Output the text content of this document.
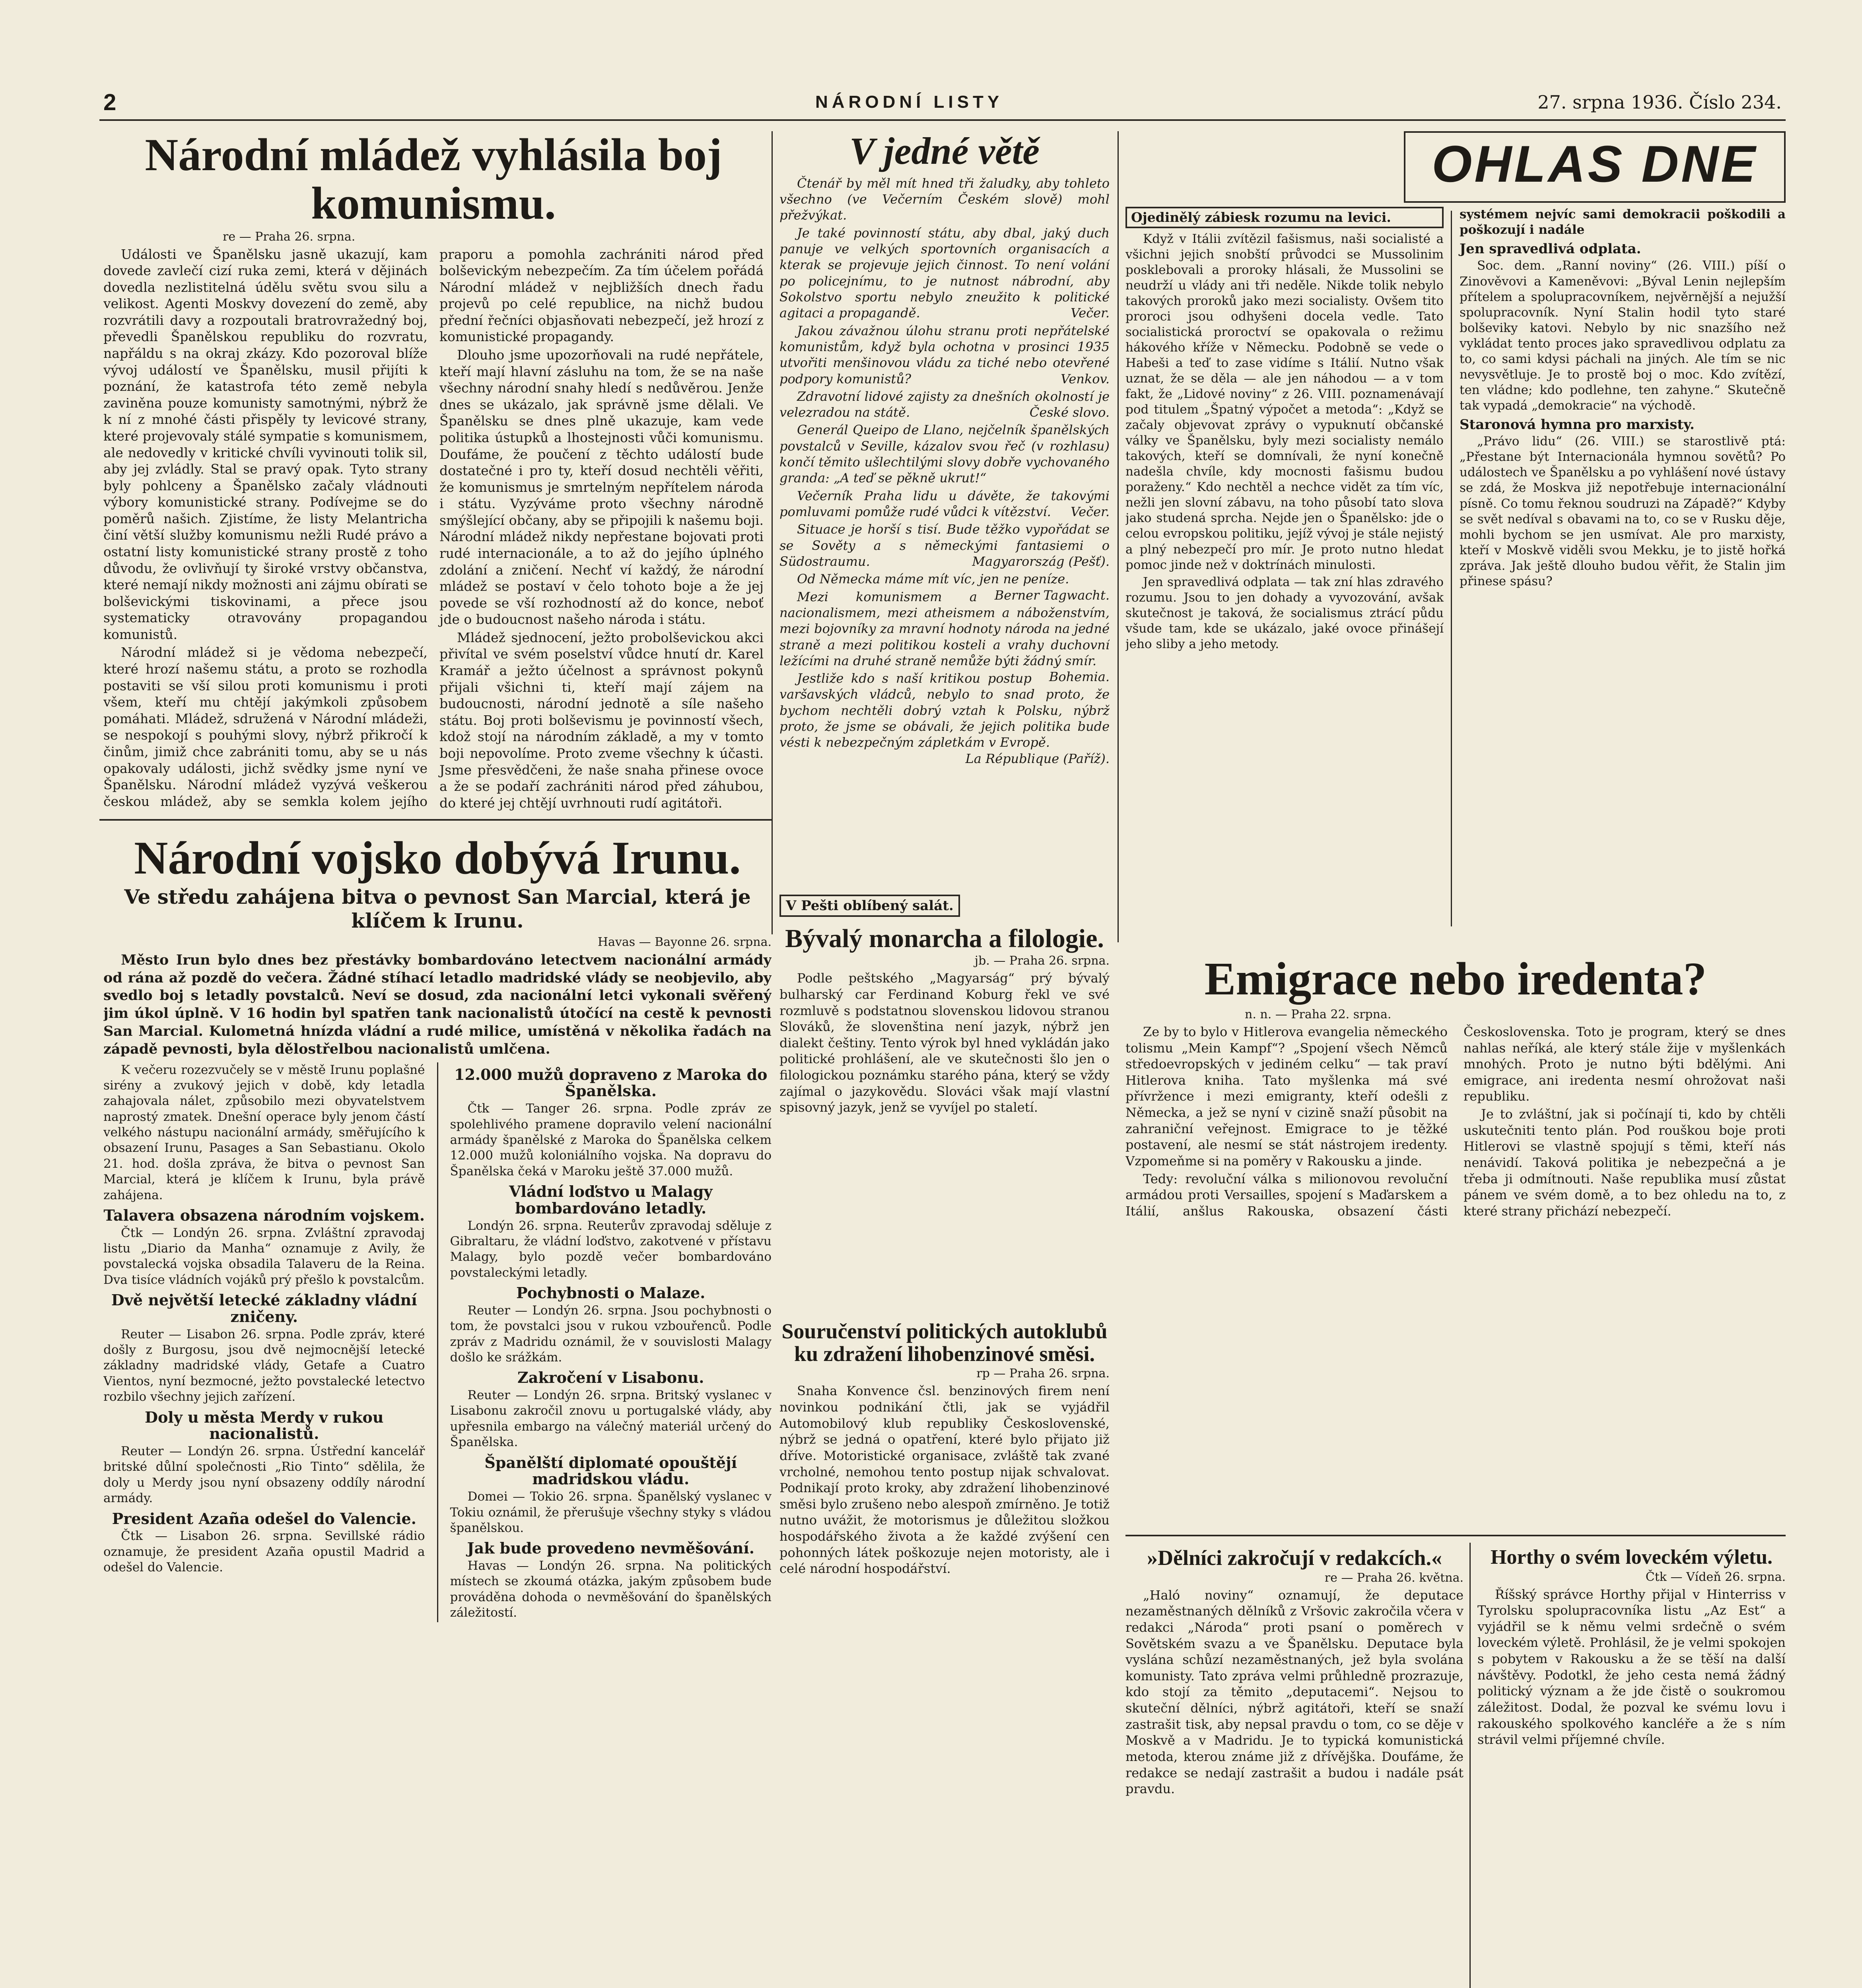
2	NÁRODNÍ LISTY	27. srpna 1936. Číslo 234.
Národní mládež vyhlásila boj komunismu.
re — Praha 26. srpna.

Události ve Španělsku jasně ukazují, kam dovede zavlečí cizí ruka zemi, která v dějinách dovedla nezlistitelná údělu světu svou silu a velikost. Agenti Moskvy dovezení do země, aby rozvrátili davy a rozpoutali bratrovražedný boj, převedli Španělskou republiku do rozvratu, napřáldu s na okraj zkázy. Kdo pozoroval blíže vývoj událostí ve Španělsku, musil přijíti k poznání, že katastrofa této země nebyla zaviněna pouze komunisty samotnými, nýbrž že k ní z mnohé části přispěly ty levicové strany, které projevovaly stálé sympatie s komunismem, ale nedovedly v kritické chvíli vyvinouti tolik sil, aby jej zvládly. Stal se pravý opak. Tyto strany byly pohlceny a Španělsko začaly vládnouti výbory komunistické strany. Podívejme se do poměrů našich. Zjistíme, že listy Melantricha činí větší služby komunismu nežli Rudé právo a ostatní listy komunistické strany prostě z toho důvodu, že ovlivňují ty široké vrstvy občanstva, které nemají nikdy možnosti ani zájmu obírati se bolševickými tiskovinami, a přece jsou systematicky otravovány propagandou komunistů.

Národní mládež si je vědoma nebezpečí, které hrozí našemu státu, a proto se rozhodla postaviti se vší silou proti komunismu i proti všem, kteří mu chtějí jakýmkoli způsobem pomáhati. Mládež, sdružená v Národní mládeži, se nespokojí s pouhými slovy, nýbrž přikročí k činům, jimiž chce zabrániti tomu, aby se u nás opakovaly události, jichž svědky jsme nyní ve Španělsku. Národní mládež vyzývá veškerou českou mládež, aby se semkla kolem jejího praporu a pomohla zachrániti národ před bolševickým nebezpečím. Za tím účelem pořádá Národní mládež v nejbližších dnech řadu projevů po celé republice, na nichž budou přední řečníci objasňovati nebezpečí, jež hrozí z komunistické propagandy.

Dlouho jsme upozorňovali na rudé nepřátele, kteří mají hlavní zásluhu na tom, že se na naše všechny národní snahy hledí s nedůvěrou. Jenže dnes se ukázalo, jak správně jsme dělali. Ve Španělsku se dnes plně ukazuje, kam vede politika ústupků a lhostejnosti vůči komunismu. Doufáme, že poučení z těchto událostí bude dostatečné i pro ty, kteří dosud nechtěli věřiti, že komunismus je smrtelným nepřítelem národa i státu. Vyzýváme proto všechny národně smýšlející občany, aby se připojili k našemu boji. Národní mládež nikdy nepřestane bojovati proti rudé internacionále, a to až do jejího úplného zdolání a zničení. Nechť ví každý, že národní mládež se postaví v čelo tohoto boje a že jej povede se vší rozhodností až do konce, neboť jde o budoucnost našeho národa i státu.

Mládež sjednocení, ježto probolševickou akci přivítal ve svém poselství vůdce hnutí dr. Karel Kramář a ježto účelnost a správnost pokynů přijali všichni ti, kteří mají zájem na budoucnosti, národní jednotě a síle našeho státu. Boj proti bolševismu je povinností všech, kdož stojí na národním základě, a my v tomto boji nepovolíme. Proto zveme všechny k účasti. Jsme přesvědčeni, že naše snaha přinese ovoce a že se podaří zachrániti národ před záhubou, do které jej chtějí uvrhnouti rudí agitátoři.

V jedné větě

Čtenář by měl mít hned tři žaludky, aby tohleto všechno (ve Večerním Českém slově) mohl přežvýkat.

Je také povinností státu, aby dbal, jaký duch panuje ve velkých sportovních organisacích a kterak se projevuje jejich činnost. To není volání po policejnímu, to je nutnost nábrodní, aby Sokolstvo sportu nebylo zneužito k politické agitaci a propagandě.	Večer.

Jakou závažnou úlohu stranu proti nepřátelské komunistům, když byla ochotna v prosinci 1935 utvořiti menšinovou vládu za tiché nebo otevřené podpory komunistů?	Venkov.

Zdravotní lidové zajisty za dnešních okolností je velezradou na státě.	České slovo.

Generál Queipo de Llano, nejčelník španělských povstalců v Seville, kázalov svou řeč (v rozhlasu) končí těmito ušlechtilými slovy dobře vychovaného granda: „A teď se pěkně ukrut!“

Večerník Praha lidu u dávěte, že takovými pomluvami pomůže rudé vůdci k vítězství.	Večer.

Situace je horší s tisí. Bude těžko vypořádat se se Sověty a s německými fantasiemi o Südostraumu.	Magyarország (Pešť).

Od Německa máme mít víc, jen ne peníze.
Berner Tagwacht.

Mezi komunismem a nacionalismem, mezi atheismem a náboženstvím, mezi bojovníky za mravní hodnoty národa na jedné straně a mezi politikou kosteli a vrahy duchovní ležícími na druhé straně nemůže býti žádný smír.
Bohemia.

Jestliže kdo s naší kritikou postup varšavských vládců, nebylo to snad proto, že bychom nechtěli dobrý vztah k Polsku, nýbrž proto, že jsme se obávali, že jejich politika bude vésti k nebezpečným zápletkám v Evropě.
La République (Paříž).

V Pešti oblíbený salát.
Bývalý monarcha a filologie.
jb. — Praha 26. srpna.

Podle peštského „Magyarság“ prý bývalý bulharský car Ferdinand Koburg řekl ve své rozmluvě s podstatnou slovenskou lidovou stranou Slováků, že slovenština není jazyk, nýbrž jen dialekt češtiny. Tento výrok byl hned vykládán jako politické prohlášení, ale ve skutečnosti šlo jen o filologickou poznámku starého pána, který se vždy zajímal o jazykovědu. Slováci však mají vlastní spisovný jazyk, jenž se vyvíjel po staletí.

Souručenství politických autoklubů ku zdražení lihobenzinové směsi.
rp — Praha 26. srpna.

Snaha Konvence čsl. benzinových firem není novinkou podnikání čtli, jak se vyjádřil Automobilový klub republiky Československé, nýbrž se jedná o opatření, které bylo přijato již dříve. Motoristické organisace, zvláště tak zvané vrcholné, nemohou tento postup nijak schvalovat. Podnikají proto kroky, aby zdražení lihobenzinové směsi bylo zrušeno nebo alespoň zmírněno. Je totiž nutno uvážit, že motorismus je důležitou složkou hospodářského života a že každé zvýšení cen pohonných látek poškozuje nejen motoristy, ale i celé národní hospodářství.

OHLAS DNE
Ojedinělý zábiesk rozumu na levici.

Když v Itálii zvítězil fašismus, naši socialisté a všichni jejich snobští průvodci se Mussolinim posklebovali a proroky hlásali, že Mussolini se neudrží u vlády ani tři neděle. Nikde tolik nebylo takových proroků jako mezi socialisty. Ovšem tito proroci jsou odhyšeni docela vedle. Tato socialistická proroctví se opakovala o režimu hákového kříže v Německu. Podobně se vede o Habeši a teď to zase vidíme s Itálií. Nutno však uznat, že se děla — ale jen náhodou — a v tom fakt, že „Lidové noviny“ z 26. VIII. poznamenávají pod titulem „Špatný výpočet a metoda“: „Když se začaly objevovat zprávy o vypuknutí občanské války ve Španělsku, byly mezi socialisty nemálo takových, kteří se domnívali, že nyní konečně nadešla chvíle, kdy mocnosti fašismu budou poraženy.“ Kdo nechtěl a nechce vidět za tím víc, nežli jen slovní zábavu, na toho působí tato slova jako studená sprcha. Nejde jen o Španělsko: jde o celou evropskou politiku, jejíž vývoj je stále nejistý a plný nebezpečí pro mír. Je proto nutno hledat pomoc jinde než v doktrínách minulosti.

Jen spravedlivá odplata — tak zní hlas zdravého rozumu. Jsou to jen dohady a vyvozování, avšak skutečnost je taková, že socialismus ztrácí půdu všude tam, kde se ukázalo, jaké ovoce přinášejí jeho sliby a jeho metody.

systémem nejvíc sami demokracii poškodili a poškozují i nadále

Jen spravedlivá odplata.

Soc. dem. „Ranní noviny“ (26. VIII.) píší o Zinověvovi a Kameněvovi: „Býval Lenin nejlepším přítelem a spolupracovníkem, nejvěrnější a nejužší spolupracovník. Nyní Stalin hodil tyto staré bolševiky katovi. Nebylo by nic snazšího než vykládat tento proces jako spravedlivou odplatu za to, co sami kdysi páchali na jiných. Ale tím se nic nevysvětluje. Je to prostě boj o moc. Kdo zvítězí, ten vládne; kdo podlehne, ten zahyne.“ Skutečně tak vypadá „demokracie“ na východě.

Staronová hymna pro marxisty.

„Právo lidu“ (26. VIII.) se starostlivě ptá: „Přestane být Internacionála hymnou sovětů? Po událostech ve Španělsku a po vyhlášení nové ústavy se zdá, že Moskva již nepotřebuje internacionální písně. Co tomu řeknou soudruzi na Západě?“ Kdyby se svět nedíval s obavami na to, co se v Rusku děje, mohli bychom se jen usmívat. Ale pro marxisty, kteří v Moskvě viděli svou Mekku, je to jistě hořká zpráva. Jak ještě dlouho budou věřit, že Stalin jim přinese spásu?

Emigrace nebo iredenta?
n. n. — Praha 22. srpna.

Ze by to bylo v Hitlerova evangelia německého tolismu „Mein Kampf“? „Spojení všech Němců středoevropských v jediném celku“ — tak praví Hitlerova kniha. Tato myšlenka má své přívržence i mezi emigranty, kteří odešli z Německa, a jež se nyní v cizině snaží působit na zahraniční veřejnost. Emigrace to je těžké postavení, ale nesmí se stát nástrojem iredenty. Vzpomeňme si na poměry v Rakousku a jinde.

Tedy: revoluční válka s milionovou revoluční armádou proti Versailles, spojení s Maďarskem a Itálií, anšlus Rakouska, obsazení části Československa. Toto je program, který se dnes nahlas neříká, ale který stále žije v myšlenkách mnohých. Proto je nutno býti bdělými. Ani emigrace, ani iredenta nesmí ohrožovat naši republiku.

Je to zvláštní, jak si počínají ti, kdo by chtěli uskutečniti tento plán. Pod rouškou boje proti Hitlerovi se vlastně spojují s těmi, kteří nás nenávidí. Taková politika je nebezpečná a je třeba ji odmítnouti. Naše republika musí zůstat pánem ve svém domě, a to bez ohledu na to, z které strany přichází nebezpečí.

»Dělníci zakročují v redakcích.«
re — Praha 26. května.

„Haló noviny“ oznamují, že deputace nezaměstnaných dělníků z Vršovic zakročila včera v redakci „Národa“ proti psaní o poměrech v Sovětském svazu a ve Španělsku. Deputace byla vyslána schůzí nezaměstnaných, jež byla svolána komunisty. Tato zpráva velmi průhledně prozrazuje, kdo stojí za těmito „deputacemi“. Nejsou to skuteční dělníci, nýbrž agitátoři, kteří se snaží zastrašit tisk, aby nepsal pravdu o tom, co se děje v Moskvě a v Madridu. Je to typická komunistická metoda, kterou známe již z dřívějška. Doufáme, že redakce se nedají zastrašit a budou i nadále psát pravdu.

Horthy o svém loveckém výletu.
Čtk — Vídeň 26. srpna.

Říšský správce Horthy přijal v Hinterriss v Tyrolsku spolupracovníka listu „Az Est“ a vyjádřil se k němu velmi srdečně o svém loveckém výletě. Prohlásil, že je velmi spokojen s pobytem v Rakousku a že se těší na další návštěvy. Podotkl, že jeho cesta nemá žádný politický význam a že jde čistě o soukromou záležitost. Dodal, že pozval ke svému lovu i rakouského spolkového kancléře a že s ním strávil velmi příjemné chvíle.

Národní vojsko dobývá Irunu.
Ve středu zahájena bitva o pevnost San Marcial, která je klíčem k Irunu.
Havas — Bayonne 26. srpna.

Město Irun bylo dnes bez přestávky bombardováno letectvem nacionální armády od rána až pozdě do večera. Žádné stíhací letadlo madridské vlády se neobjevilo, aby svedlo boj s letadly povstalců. Neví se dosud, zda nacionální letci vykonali svěřený jim úkol úplně. V 16 hodin byl spatřen tank nacionalistů útočící na cestě k pevnosti San Marcial. Kulometná hnízda vládní a rudé milice, umístěná v několika řadách na západě pevnosti, byla dělostřelbou nacionalistů umlčena.

K večeru rozezvučely se v městě Irunu poplašné sirény a zvukový jejich v době, kdy letadla zahajovala nálet, způsobilo mezi obyvatelstvem naprostý zmatek. Dnešní operace byly jenom částí velkého nástupu nacionální armády, směřujícího k obsazení Irunu, Pasages a San Sebastianu. Okolo 21. hod. došla zpráva, že bitva o pevnost San Marcial, která je klíčem k Irunu, byla právě zahájena.

Talavera obsazena národním vojskem.

Čtk — Londýn 26. srpna. Zvláštní zpravodaj listu „Diario da Manha“ oznamuje z Avily, že povstalecká vojska obsadila Talaveru de la Reina. Dva tisíce vládních vojáků prý přešlo k povstalcům.

Dvě největší letecké základny vládní zničeny.

Reuter — Lisabon 26. srpna. Podle zpráv, které došly z Burgosu, jsou dvě nejmocnější letecké základny madridské vlády, Getafe a Cuatro Vientos, nyní bezmocné, ježto povstalecké letectvo rozbilo všechny jejich zařízení.

Doly u města Merdy v rukou nacionalistů.

Reuter — Londýn 26. srpna. Ústřední kancelář britské důlní společnosti „Rio Tinto“ sdělila, že doly u Merdy jsou nyní obsazeny oddíly národní armády.

President Azaña odešel do Valencie.

Čtk — Lisabon 26. srpna. Sevillské rádio oznamuje, že president Azaña opustil Madrid a odešel do Valencie.

12.000 mužů dopraveno z Maroka do Španělska.

Čtk — Tanger 26. srpna. Podle zpráv ze spolehlivého pramene dopravilo velení nacionální armády španělské z Maroka do Španělska celkem 12.000 mužů koloniálního vojska. Na dopravu do Španělska čeká v Maroku ještě 37.000 mužů.

Vládní loďstvo u Malagy bombardováno letadly.

Londýn 26. srpna. Reuterův zpravodaj sděluje z Gibraltaru, že vládní loďstvo, zakotvené v přístavu Malagy, bylo pozdě večer bombardováno povstaleckými letadly.

Pochybnosti o Malaze.

Reuter — Londýn 26. srpna. Jsou pochybnosti o tom, že povstalci jsou v rukou vzbouřenců. Podle zpráv z Madridu oznámil, že v souvislosti Malagy došlo ke srážkám.

Zakročení v Lisabonu.

Reuter — Londýn 26. srpna. Britský vyslanec v Lisabonu zakročil znovu u portugalské vlády, aby upřesnila embargo na válečný materiál určený do Španělska.

Španělští diplomaté opouštějí madridskou vládu.

Domei — Tokio 26. srpna. Španělský vyslanec v Tokiu oznámil, že přerušuje všechny styky s vládou španělskou.

Jak bude provedeno nevměšování.

Havas — Londýn 26. srpna. Na politických místech se zkoumá otázka, jakým způsobem bude prováděna dohoda o nevměšování do španělských záležitostí.
